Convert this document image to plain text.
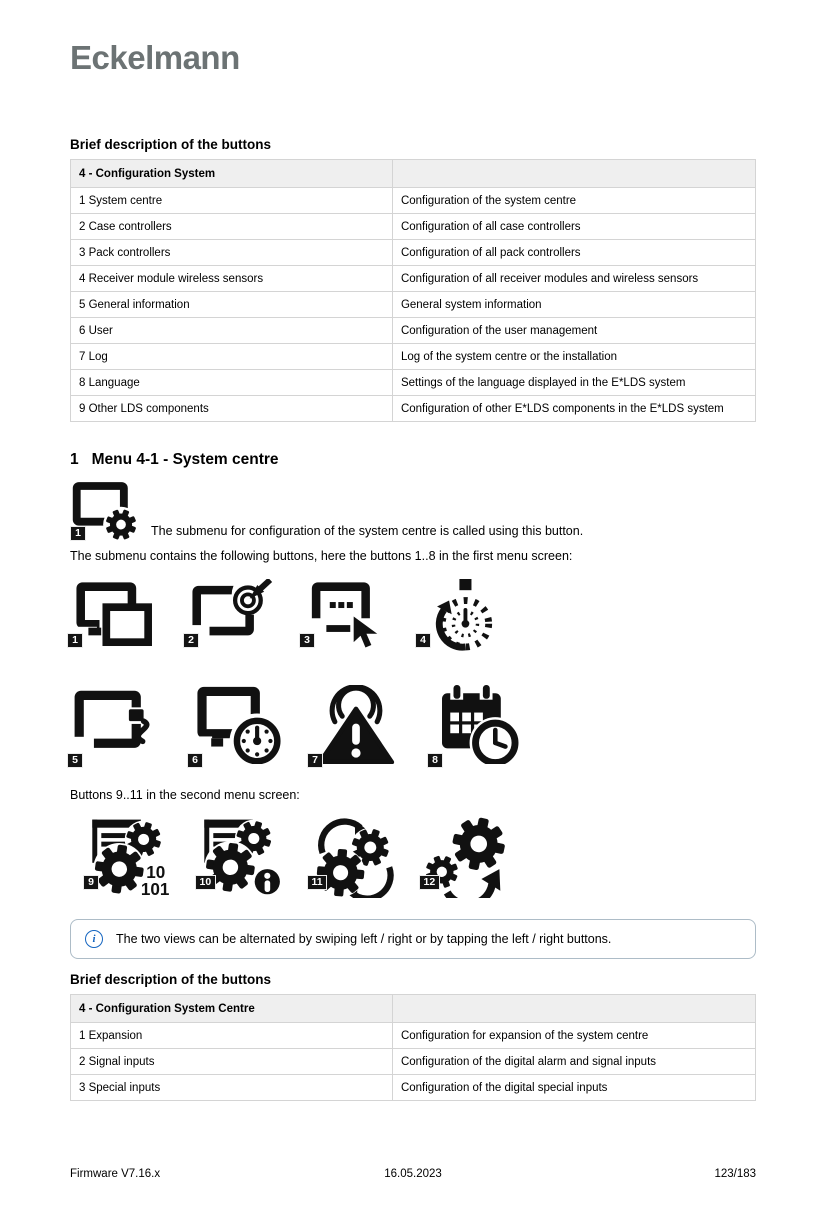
Eckelmann
Brief description of the buttons
4 - Configuration System	
1 System centre	Configuration of the system centre
2 Case controllers	Configuration of all case controllers
3 Pack controllers	Configuration of all pack controllers
4 Receiver module wireless sensors	Configuration of all receiver modules and wireless sensors
5 General information	General system information
6 User	Configuration of the user management
7 Log	Log of the system centre or the installation
8 Language	Settings of the language displayed in the E*LDS system
9 Other LDS components	Configuration of other E*LDS components in the E*LDS system
1 Menu 4-1 - System centre
1	The submenu for configuration of the system centre is called using this button.

The submenu contains the following buttons, here the buttons 1..8 in the first menu screen:

1	2	3	4
5	6	7	8

Buttons 9..11 in the second menu screen:

10
101
9	10	11	12
i	The two views can be alternated by swiping left / right or by tapping the left / right buttons.
Brief description of the buttons
4 - Configuration System Centre	
1 Expansion	Configuration for expansion of the system centre
2 Signal inputs	Configuration of the digital alarm and signal inputs
3 Special inputs	Configuration of the digital special inputs
Firmware V7.16.x	16.05.2023	123/183
